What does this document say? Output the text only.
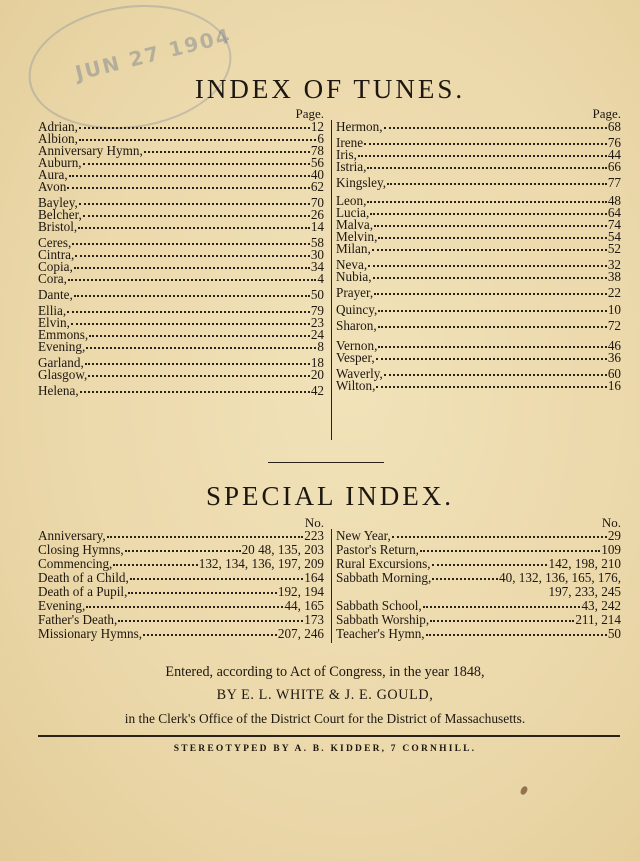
JUN 27 1904
INDEX OF TUNES.
Page.	Page.
Adrian,	12
Albion,	6
Anniversary Hymn,	78
Auburn,	56
Aura,	40
Avon	62
Bayley,	70
Belcher,	26
Bristol,	14
Ceres,	58
Cintra,	30
Copia,	34
Cora,	4
Dante,	50
Ellia,	79
Elvin,	23
Emmons,	24
Evening,	8
Garland,	18
Glasgow,	20
Helena,	42
Hermon,	68
Irene	76
Iris,	44
Istria,	66
Kingsley,	77
Leon,	48
Lucia,	64
Malva,	74
Melvin,	54
Milan,	52
Neva,	32
Nubia,	38
Prayer,	22
Quincy,	10
Sharon,	72
Vernon,	46
Vesper,	36
Waverly,	60
Wilton,	16
SPECIAL INDEX.
No.	No.
Anniversary,	223
Closing Hymns,	20 48, 135, 203
Commencing,	132, 134, 136, 197, 209
Death of a Child,	164
Death of a Pupil,	192, 194
Evening,	44, 165
Father's Death,	173
Missionary Hymns,	207, 246
New Year,	29
Pastor's Return,	109
Rural Excursions,	142, 198, 210
Sabbath Morning,	40, 132, 136, 165, 176,
197, 233, 245
Sabbath School,	43, 242
Sabbath Worship,	211, 214
Teacher's Hymn,	50
Entered, according to Act of Congress, in the year 1848,
BY E. L. WHITE & J. E. GOULD,
in the Clerk's Office of the District Court for the District of Massachusetts.
STEREOTYPED BY A. B. KIDDER, 7 CORNHILL.
